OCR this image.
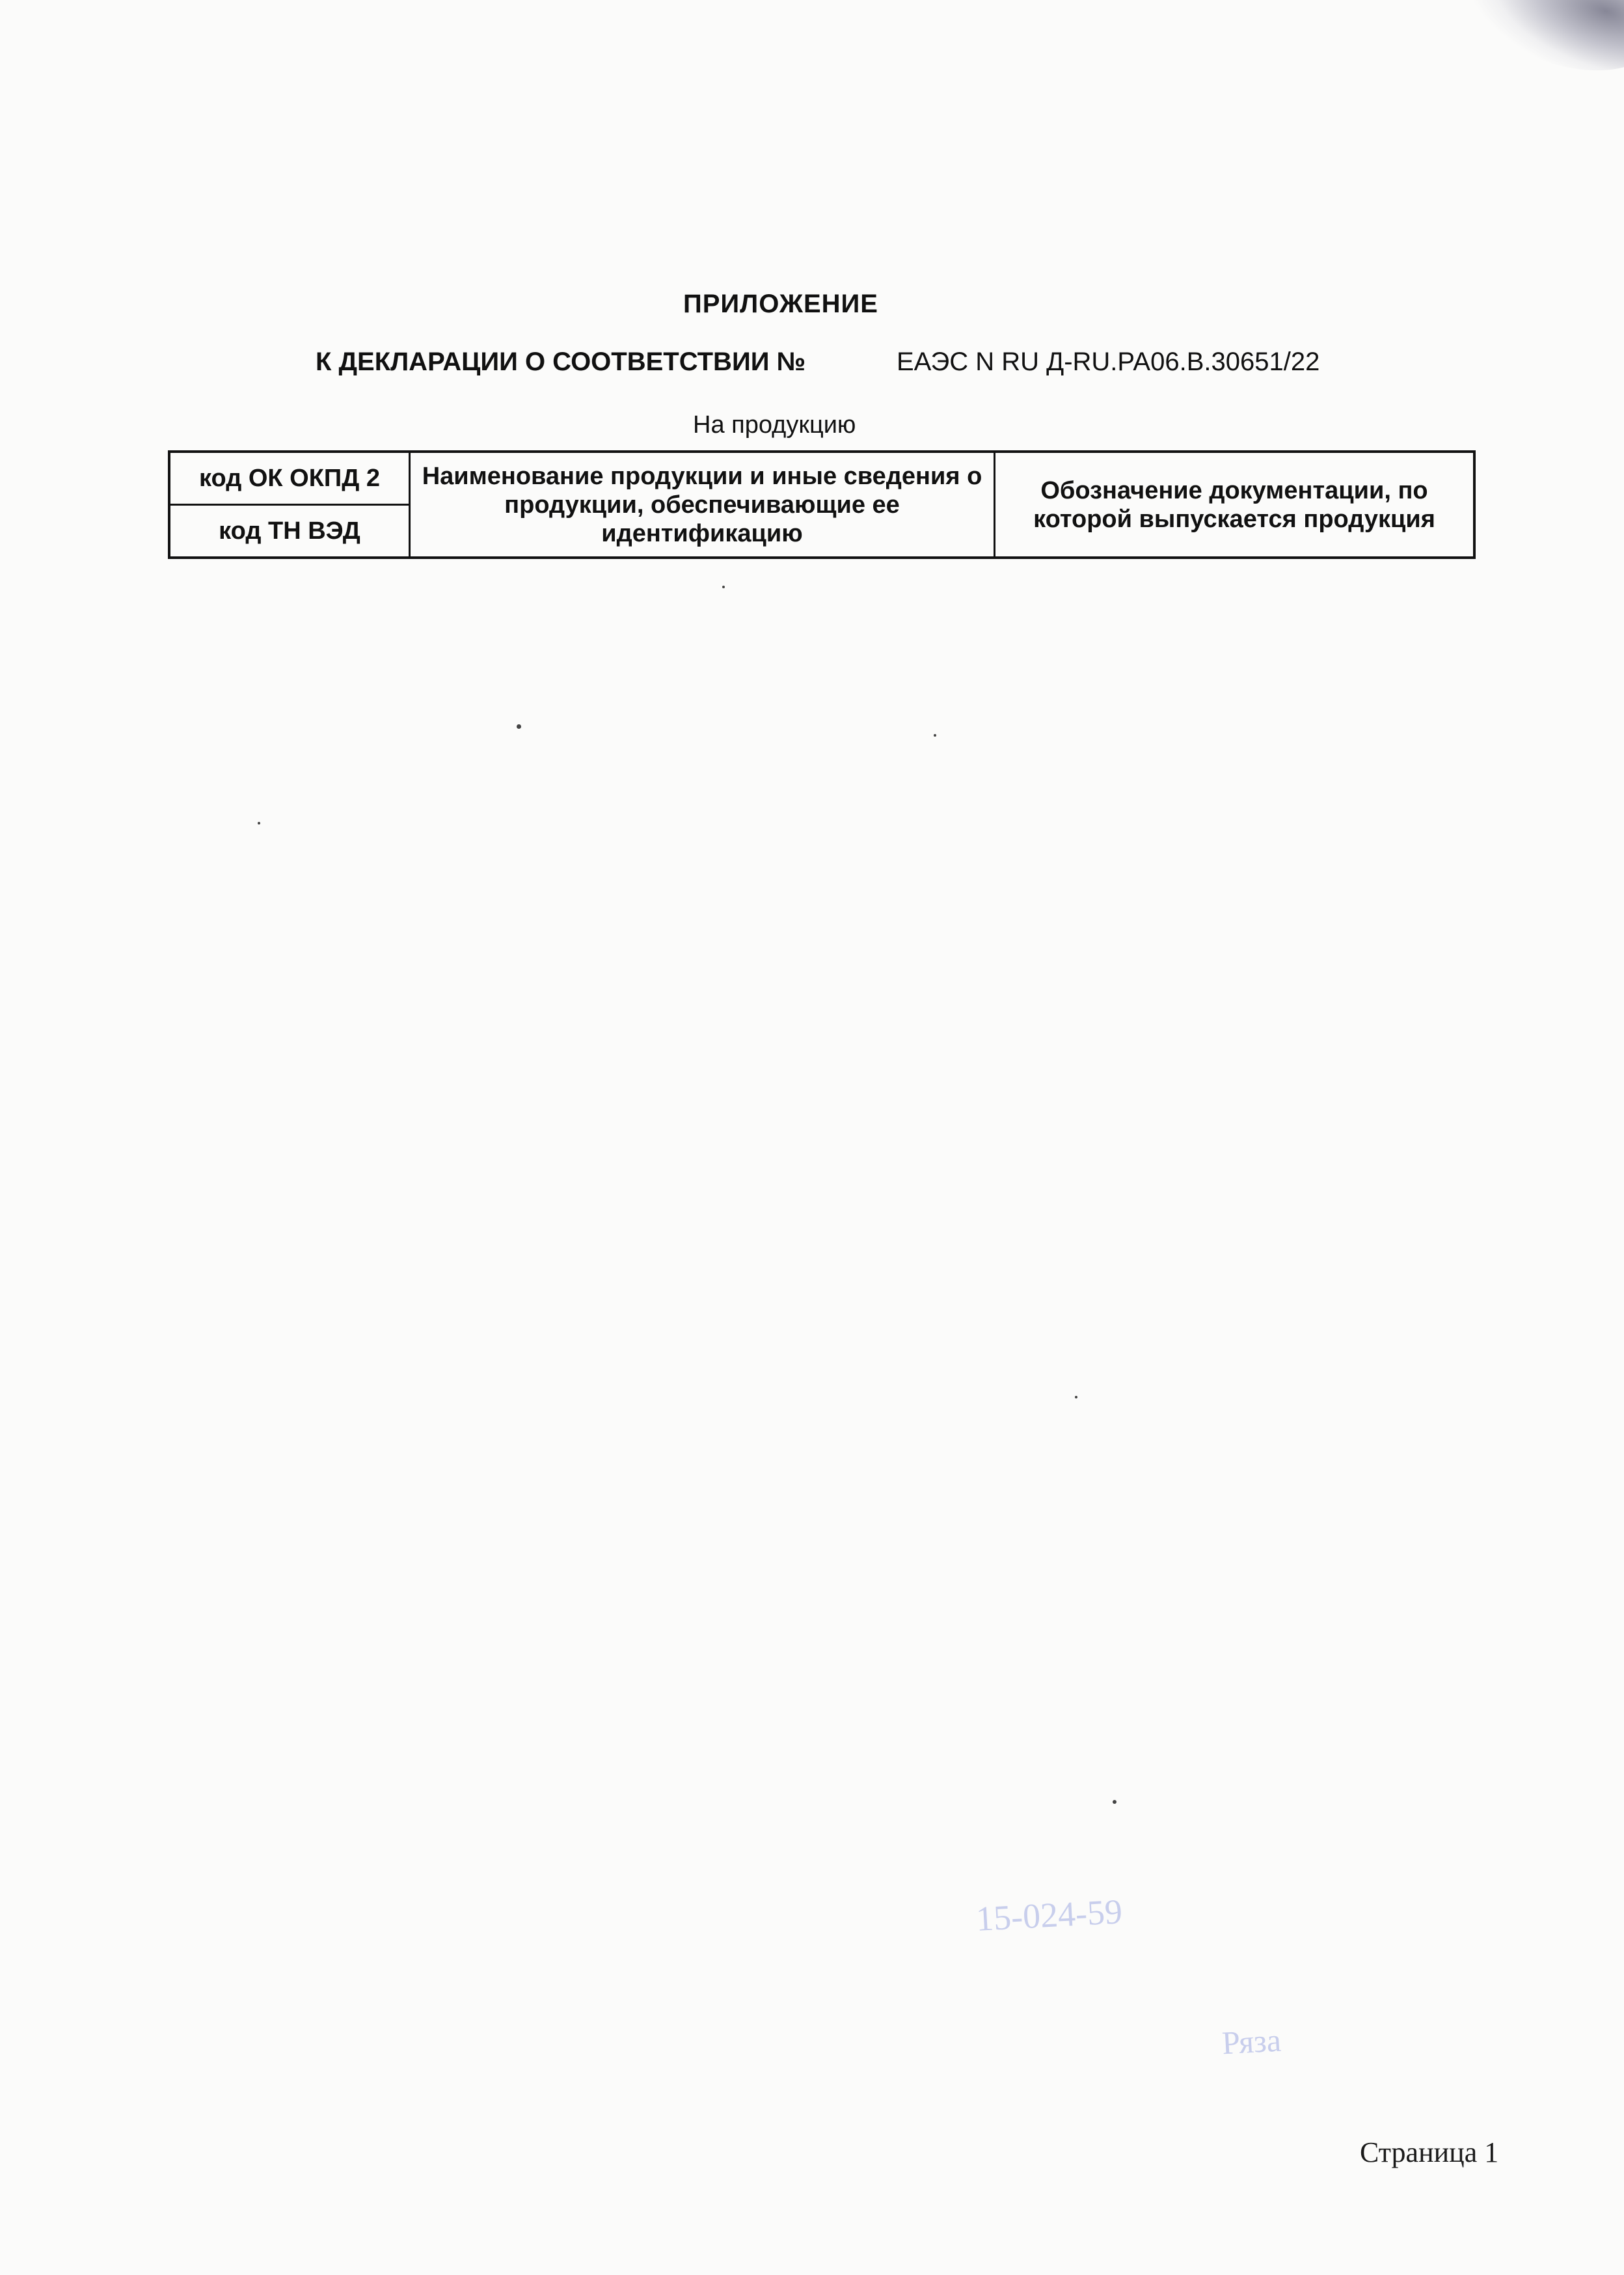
ПРИЛОЖЕНИЕ
К ДЕКЛАРАЦИИ О СООТВЕТСТВИИ №	ЕАЭС N RU Д-RU.РА06.В.30651/22
На продукцию
код ОК ОКПД 2	Наименование продукции и иные сведения о продукции, обеспечивающие ее идентификацию	Обозначение документации, по которой выпускается продукция
код ТН ВЭД
15-024-59
Ряза
Страница 1
